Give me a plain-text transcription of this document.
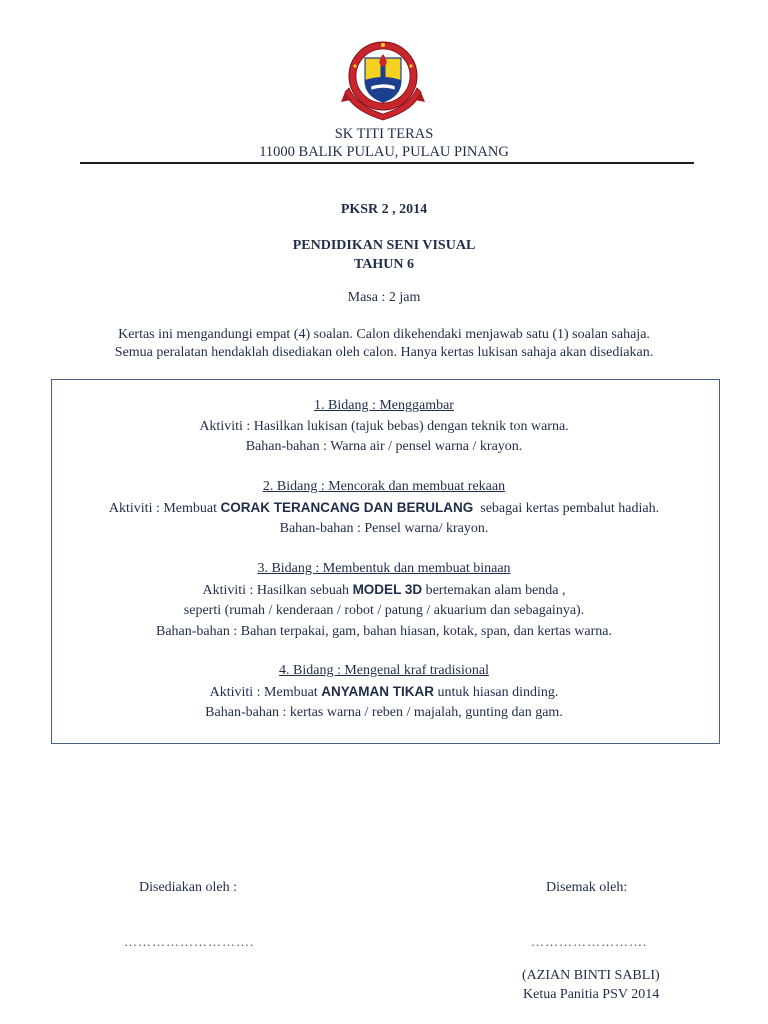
SK TITI TERAS
11000 BALIK PULAU, PULAU PINANG
PKSR 2 , 2014
PENDIDIKAN SENI VISUAL
TAHUN 6
Masa : 2 jam
Kertas ini mengandungi empat (4) soalan. Calon dikehendaki menjawab satu (1) soalan sahaja.
Semua peralatan hendaklah disediakan oleh calon. Hanya kertas lukisan sahaja akan disediakan.
1. Bidang : Menggambar
Aktiviti : Hasilkan lukisan (tajuk bebas) dengan teknik ton warna.
Bahan-bahan : Warna air / pensel warna / krayon.
2. Bidang : Mencorak dan membuat rekaan
Aktiviti : Membuat CORAK TERANCANG DAN BERULANG  sebagai kertas pembalut hadiah.
Bahan-bahan : Pensel warna/ krayon.
3. Bidang : Membentuk dan membuat binaan
Aktiviti : Hasilkan sebuah MODEL 3D bertemakan alam benda ,
seperti (rumah / kenderaan / robot / patung / akuarium dan sebagainya).
Bahan-bahan : Bahan terpakai, gam, bahan hiasan, kotak, span, dan kertas warna.
4. Bidang : Mengenal kraf tradisional
Aktiviti : Membuat ANYAMAN TIKAR untuk hiasan dinding.
Bahan-bahan : kertas warna / reben / majalah, gunting dan gam.
Disediakan oleh :	Disemak oleh:
……………………….	…………………….
(AZIAN BINTI SABLI)
Ketua Panitia PSV 2014
